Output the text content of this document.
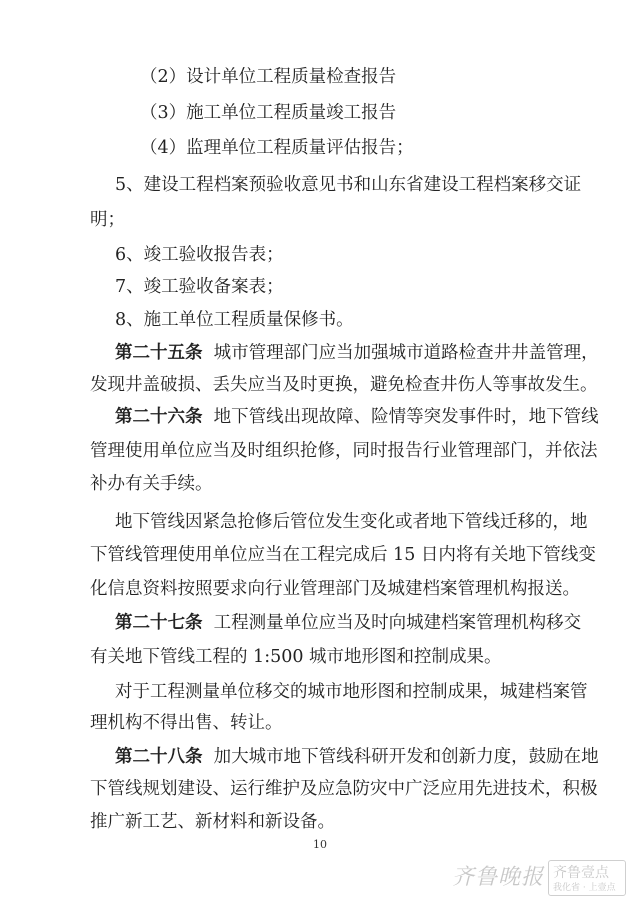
（2）设计单位工程质量检查报告
（3）施工单位工程质量竣工报告
（4）监理单位工程质量评估报告；
5、建设工程档案预验收意见书和山东省建设工程档案移交证
明；
6、竣工验收报告表；
7、竣工验收备案表；
8、施工单位工程质量保修书。
第二十五条 城市管理部门应当加强城市道路检查井井盖管理，
发现井盖破损、丢失应当及时更换，避免检查井伤人等事故发生。
第二十六条 地下管线出现故障、险情等突发事件时，地下管线
管理使用单位应当及时组织抢修，同时报告行业管理部门，并依法
补办有关手续。
地下管线因紧急抢修后管位发生变化或者地下管线迁移的，地
下管线管理使用单位应当在工程完成后 15 日内将有关地下管线变
化信息资料按照要求向行业管理部门及城建档案管理机构报送。
第二十七条 工程测量单位应当及时向城建档案管理机构移交
有关地下管线工程的 1:500 城市地形图和控制成果。
对于工程测量单位移交的城市地形图和控制成果，城建档案管
理机构不得出售、转让。
第二十八条 加大城市地下管线科研开发和创新力度，鼓励在地
下管线规划建设、运行维护及应急防灾中广泛应用先进技术，积极
推广新工艺、新材料和新设备。
10
齐鲁晚报 齐鲁壹点
我化省 · 上壹点
